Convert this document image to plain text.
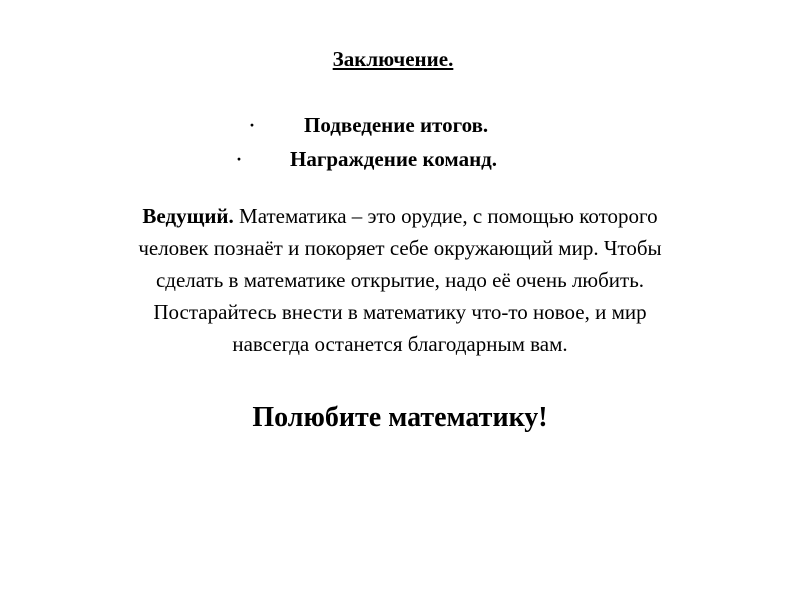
Заключение.
· Подведение итогов.
· Награждение команд.
Ведущий. Математика – это орудие, с помощью которого
человек познаёт и покоряет себе окружающий мир. Чтобы
сделать в математике открытие, надо её очень любить.
Постарайтесь внести в математику что-то новое, и мир
навсегда останется благодарным вам.
Полюбите математику!
